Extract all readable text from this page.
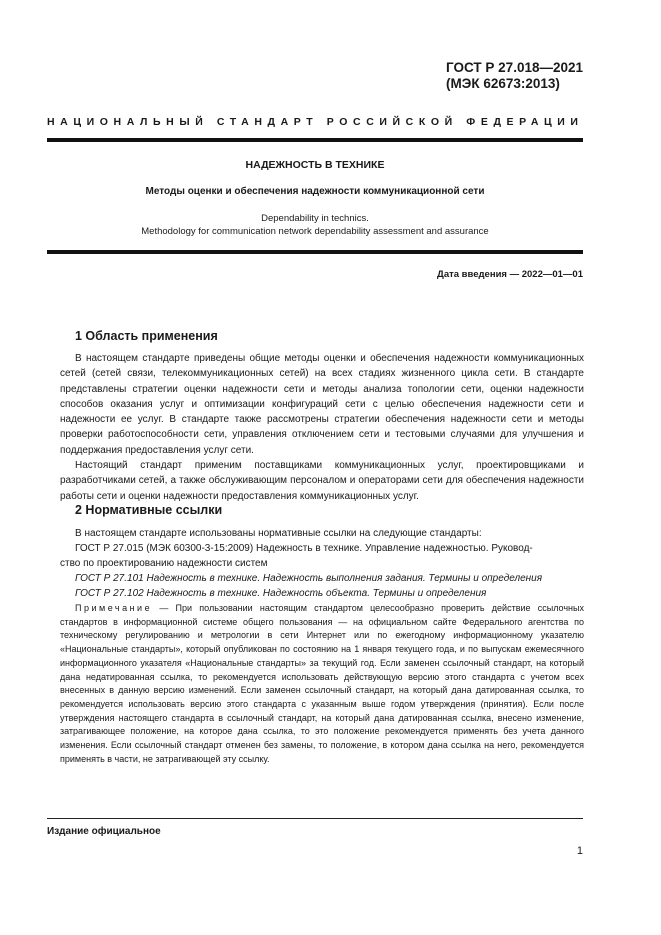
ГОСТ Р 27.018—2021
(МЭК 62673:2013)
НАЦИОНАЛЬНЫЙ СТАНДАРТ РОССИЙСКОЙ ФЕДЕРАЦИИ
НАДЕЖНОСТЬ В ТЕХНИКЕ
Методы оценки и обеспечения надежности коммуникационной сети
Dependability in technics.
Methodology for communication network dependability assessment and assurance
Дата введения — 2022—01—01
1 Область применения

В настоящем стандарте приведены общие методы оценки и обеспечения надежности коммуникационных сетей (сетей связи, телекоммуникационных сетей) на всех стадиях жизненного цикла сети. В стандарте представлены стратегии оценки надежности сети и методы анализа топологии сети, оценки надежности способов оказания услуг и оптимизации конфигураций сети с целью обеспечения надежности сети и надежности ее услуг. В стандарте также рассмотрены стратегии обеспечения надежности сети и методы проверки работоспособности сети, управления отключением сети и тестовыми случаями для улучшения и поддержания предоставления услуг сети.

Настоящий стандарт применим поставщиками коммуникационных услуг, проектировщиками и разработчиками сетей, а также обслуживающим персоналом и операторами сети для обеспечения надежности работы сети и оценки надежности предоставления коммуникационных услуг.

2 Нормативные ссылки
В настоящем стандарте использованы нормативные ссылки на следующие стандарты:
ГОСТ Р 27.015 (МЭК 60300-3-15:2009) Надежность в технике. Управление надежностью. Руковод-
ство по проектированию надежности систем
ГОСТ Р 27.101 Надежность в технике. Надежность выполнения задания. Термины и определения
ГОСТ Р 27.102 Надежность в технике. Надежность объекта. Термины и определения

Примечание — При пользовании настоящим стандартом целесообразно проверить действие ссылочных стандартов в информационной системе общего пользования — на официальном сайте Федерального агентства по техническому регулированию и метрологии в сети Интернет или по ежегодному информационному указателю «Национальные стандарты», который опубликован по состоянию на 1 января текущего года, и по выпускам ежемесячного информационного указателя «Национальные стандарты» за текущий год. Если заменен ссылочный стандарт, на который дана недатированная ссылка, то рекомендуется использовать действующую версию этого стандарта с учетом всех внесенных в данную версию изменений. Если заменен ссылочный стандарт, на который дана датированная ссылка, то рекомендуется использовать версию этого стандарта с указанным выше годом утверждения (принятия). Если после утверждения настоящего стандарта в ссылочный стандарт, на который дана датированная ссылка, внесено изменение, затрагивающее положение, на которое дана ссылка, то это положение рекомендуется применять без учета данного изменения. Если ссылочный стандарт отменен без замены, то положение, в котором дана ссылка на него, рекомендуется применять в части, не затрагивающей эту ссылку.

Издание официальное
1
